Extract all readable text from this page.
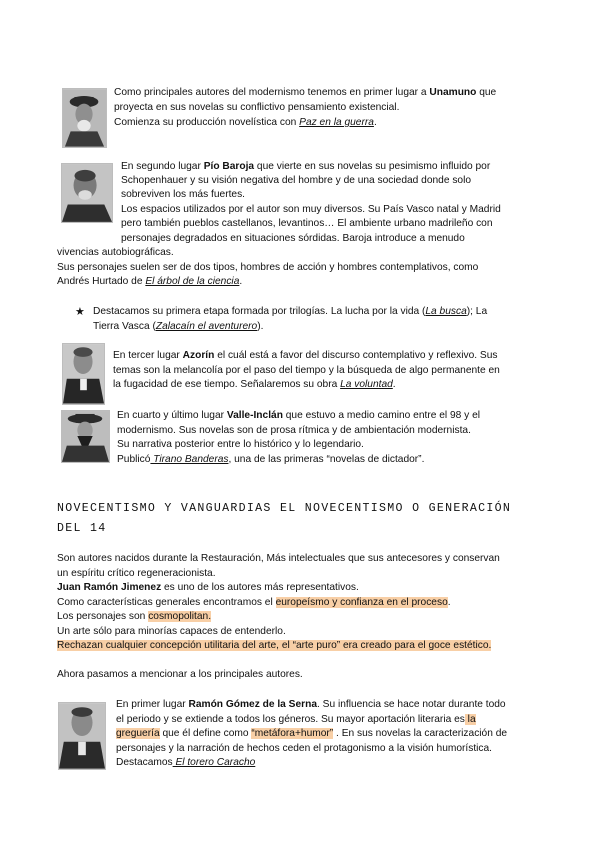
Como principales autores del modernismo tenemos en primer lugar a Unamuno que
proyecta en sus novelas su conflictivo pensamiento existencial.
Comienza su producción novelística con Paz en la guerra.
En segundo lugar Pío Baroja que vierte en sus novelas su pesimismo influido por
Schopenhauer y su visión negativa del hombre y de una sociedad donde solo
sobreviven los más fuertes.
Los espacios utilizados por el autor son muy diversos. Su País Vasco natal y Madrid
pero también pueblos castellanos, levantinos… El ambiente urbano madrileño con
personajes degradados en situaciones sórdidas. Baroja introduce a menudo
vivencias autobiográficas.
Sus personajes suelen ser de dos tipos, hombres de acción y hombres contemplativos, como
Andrés Hurtado de El árbol de la ciencia.
★ Destacamos su primera etapa formada por trilogías. La lucha por la vida (La busca); La
Tierra Vasca (Zalacaín el aventurero).
En tercer lugar Azorín el cuál está a favor del discurso contemplativo y reflexivo. Sus
temas son la melancolía por el paso del tiempo y la búsqueda de algo permanente en
la fugacidad de ese tiempo. Señalaremos su obra La voluntad.
En cuarto y último lugar Valle-Inclán que estuvo a medio camino entre el 98 y el
modernismo. Sus novelas son de prosa rítmica y de ambientación modernista.
Su narrativa posterior entre lo histórico y lo legendario.
Publicó Tirano Banderas, una de las primeras “novelas de dictador”.
NOVECENTISMO Y VANGUARDIAS EL NOVECENTISMO O GENERACIÓN
DEL 14
Son autores nacidos durante la Restauración, Más intelectuales que sus antecesores y conservan
un espíritu crítico regeneracionista.
Juan Ramón Jimenez es uno de los autores más representativos.
Como características generales encontramos el europeísmo y confianza en el proceso.
Los personajes son cosmopolitan.
Un arte sólo para minorías capaces de entenderlo.
Rechazan cualquier concepción utilitaria del arte, el “arte puro” era creado para el goce estético.
Ahora pasamos a mencionar a los principales autores.
En primer lugar Ramón Gómez de la Serna. Su influencia se hace notar durante todo
el periodo y se extiende a todos los géneros. Su mayor aportación literaria es la
greguería que él define como “metáfora+humor” . En sus novelas la caracterización de
personajes y la narración de hechos ceden el protagonismo a la visión humorística.
Destacamos El torero Caracho
